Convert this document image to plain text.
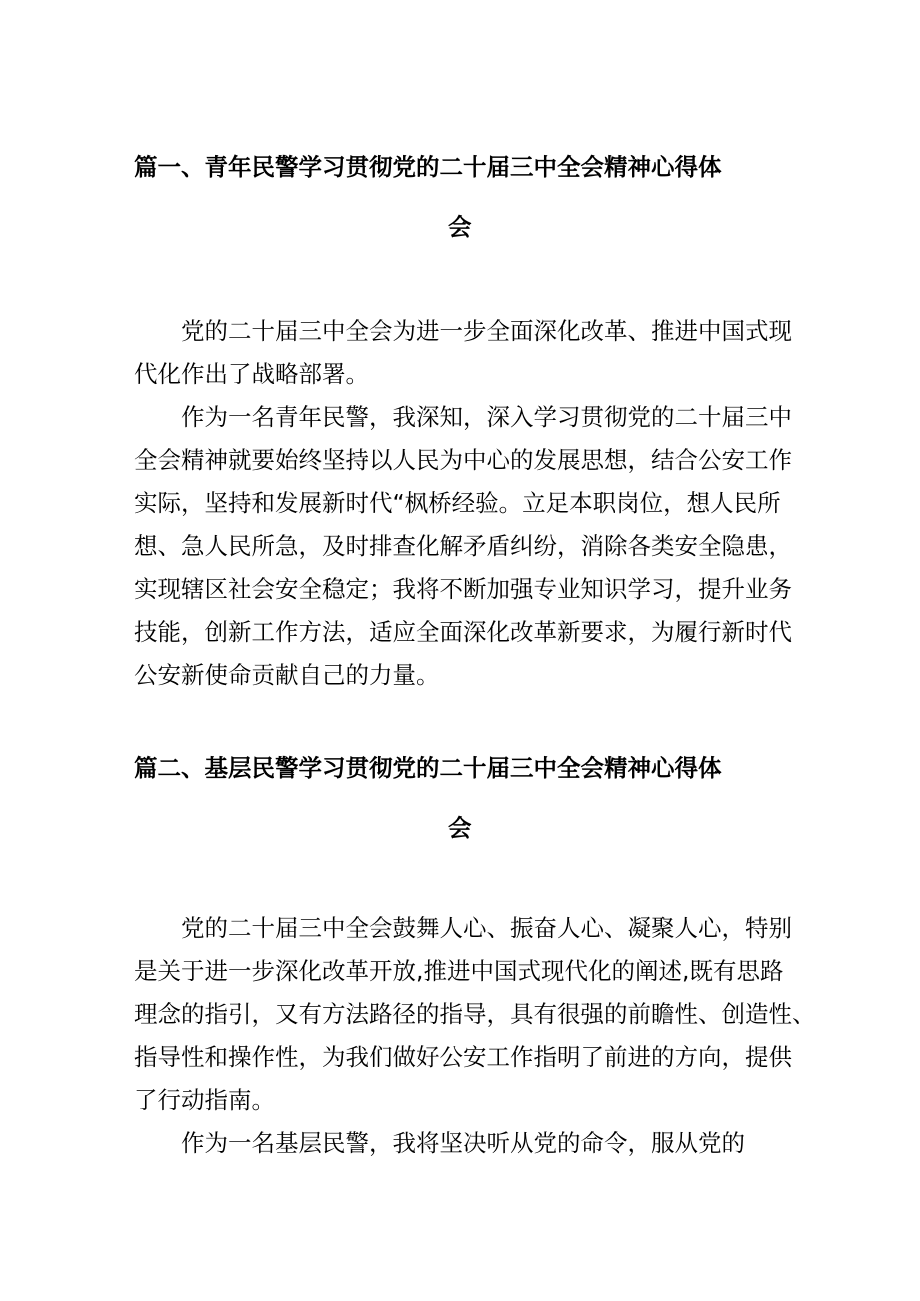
篇一、青年民警学习贯彻党的二十届三中全会精神心得体
会
党的二十届三中全会为进一步全面深化改革、推进中国式现
代化作出了战略部署。
作为一名青年民警，我深知，深入学习贯彻党的二十届三中
全会精神就要始终坚持以人民为中心的发展思想，结合公安工作
实际，坚持和发展新时代“枫桥经验。立足本职岗位，想人民所
想、急人民所急，及时排查化解矛盾纠纷，消除各类安全隐患，
实现辖区社会安全稳定；我将不断加强专业知识学习，提升业务
技能，创新工作方法，适应全面深化改革新要求，为履行新时代
公安新使命贡献自己的力量。
篇二、基层民警学习贯彻党的二十届三中全会精神心得体
会
党的二十届三中全会鼓舞人心、振奋人心、凝聚人心，特别
是关于进一步深化改革开放,推进中国式现代化的阐述,既有思路
理念的指引，又有方法路径的指导，具有很强的前瞻性、创造性、
指导性和操作性，为我们做好公安工作指明了前进的方向，提供
了行动指南。
作为一名基层民警，我将坚决听从党的命令，服从党的
